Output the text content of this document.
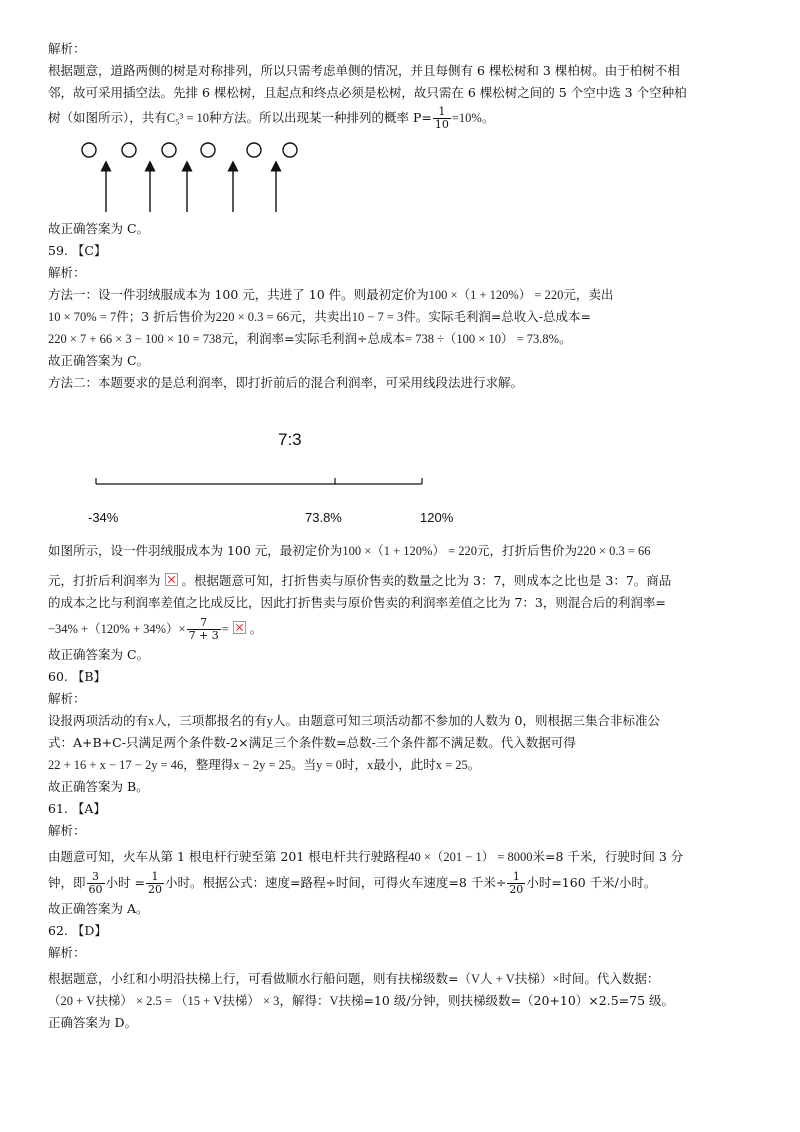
解析：
根据题意，道路两侧的树是对称排列，所以只需考虑单侧的情况，并且每侧有 6 棵松树和 3 棵柏树。由于柏树不相
邻，故可采用插空法。先排 6 棵松树，且起点和终点必须是松树，故只需在 6 棵松树之间的 5 个空中选 3 个空种柏
树（如图所示），共有C₅³ = 10种方法。所以出现某一种排列的概率 $P= \frac{1}{10} =10\%$。
故正确答案为 C。
59. 【C】
解析：
方法一：设一件羽绒服成本为 100 元，共进了 10 件。则最初定价为100 ×（1 + 120%） = 220元，卖出
10 × 70% = 7件；3 折后售价为220 × 0.3 = 66元，共卖出10 − 7 = 3件。实际毛利润=总收入-总成本=
220 × 7 + 66 × 3 − 100 × 10 = 738元，利润率=实际毛利润÷总成本= 738 ÷（100 × 10） = 73.8%。
故正确答案为 C。
方法二：本题要求的是总利润率，即打折前后的混合利润率，可采用线段法进行求解。
7:3
-34%	73.8%	120%
如图所示，设一件羽绒服成本为 100 元，最初定价为100 ×（1 + 120%） = 220元，打折后售价为220 × 0.3 = 66
元，打折后利润率为 。根据题意可知，打折售卖与原价售卖的数量之比为 3：7，则成本之比也是 3：7。商品
的成本之比与利润率差值之比成反比，因此打折售卖与原价售卖的利润率差值之比为 7：3，则混合后的利润率=
$-34\% +(120\% + 34\%)\times \frac{7}{7 + 3}$ = 。
故正确答案为 C。
60. 【B】
解析：
设报两项活动的有x人，三项都报名的有y人。由题意可知三项活动都不参加的人数为 0，则根据三集合非标准公
式：A+B+C-只满足两个条件数-2×满足三个条件数=总数-三个条件都不满足数。代入数据可得
22 + 16 + x − 17 − 2y = 46，整理得x − 2y = 25。当y = 0时，x最小，此时x = 25。
故正确答案为 B。
61. 【A】
解析：
由题意可知，火车从第 1 根电杆行驶至第 201 根电杆共行驶路程40 ×（201 − 1） = 8000米=8 千米，行驶时间 3 分
钟，即 $\frac{3}{60}$ 小时 = $\frac{1}{20}$ 小时。根据公式：速度=路程÷时间，可得火车速度=8 千米÷ $\frac{1}{20}$ 小时=160 千米/小时。
故正确答案为 A。
62. 【D】
解析：
根据题意，小红和小明沿扶梯上行，可看做顺水行船问题，则有扶梯级数=（V人 + V扶梯）×时间。代入数据：
（20 + V扶梯） × 2.5 = （15 + V扶梯） × 3，解得：V扶梯=10 级/分钟，则扶梯级数=（20+10）×2.5=75 级。
正确答案为 D。
